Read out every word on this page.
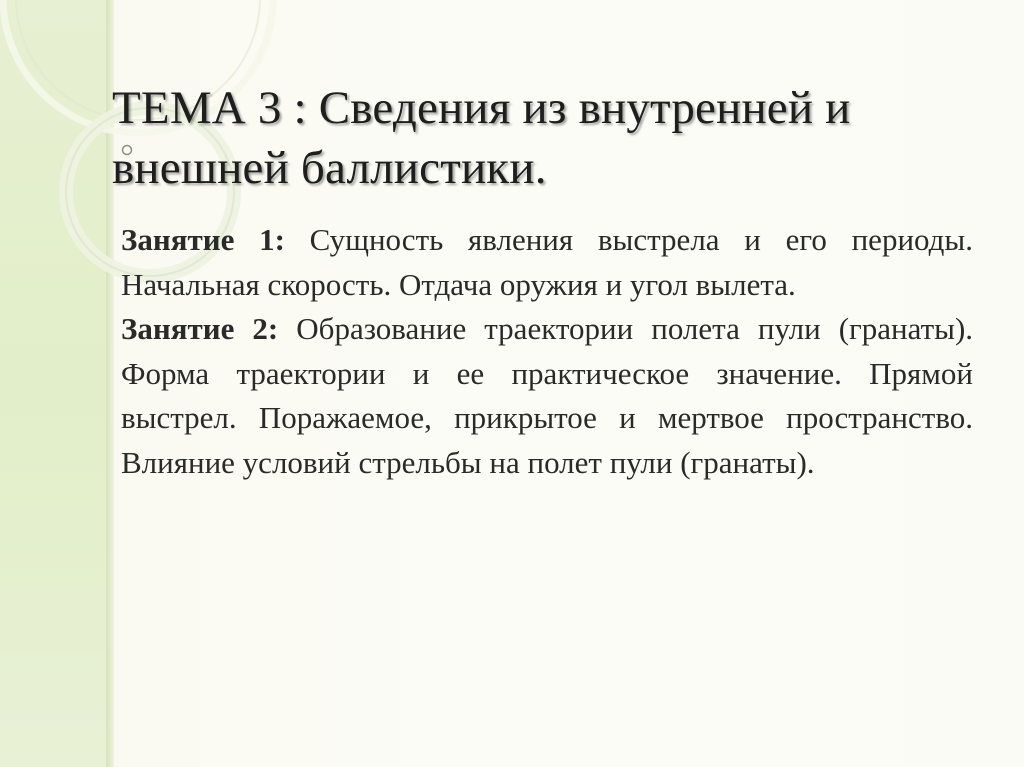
ТЕМА 3 : Сведения из внутренней и внешней баллистики.

Занятие 1: Сущность явления выстрела и его периоды. Начальная скорость. Отдача оружия и угол вылета.

Занятие 2: Образование траектории полета пули (гранаты). Форма траектории и ее практическое значение. Прямой выстрел. Поражаемое, прикрытое и мертвое пространство. Влияние условий стрельбы на полет пули (гранаты).
